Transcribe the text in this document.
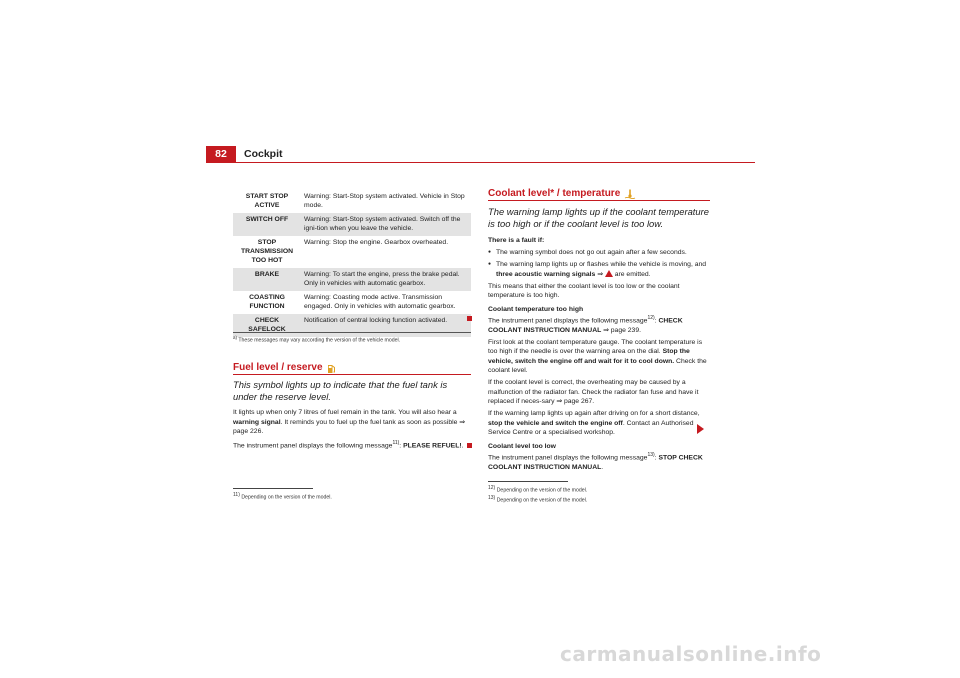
82	Cockpit
START STOP ACTIVE	Warning: Start-Stop system activated. Vehicle in Stop mode.
SWITCH OFF	Warning: Start-Stop system activated. Switch off the igni-tion when you leave the vehicle.
STOP TRANSMISSION TOO HOT	Warning: Stop the engine. Gearbox overheated.
BRAKE	Warning: To start the engine, press the brake pedal. Only in vehicles with automatic gearbox.
COASTING FUNCTION	Warning: Coasting mode active. Transmission engaged. Only in vehicles with automatic gearbox.
CHECK SAFELOCK	Notification of central locking function activated.
$^{a)}$ These messages may vary according the version of the vehicle model.
Fuel level / reserve
This symbol lights up to indicate that the fuel tank is under the reserve level.

It lights up when only 7 litres of fuel remain in the tank. You will also hear a warning signal. It reminds you to fuel up the fuel tank as soon as possible ⇒ page 226.

The instrument panel displays the following message$^{11)}$: PLEASE REFUEL!.

$^{11)}$ Depending on the version of the model.
Coolant level* / temperature
The warning lamp lights up if the coolant temperature is too high or if the coolant level is too low.

There is a fault if:

● The warning symbol does not go out again after a few seconds.

● The warning lamp lights up or flashes while the vehicle is moving, and three acoustic warning signals ⇒  are emitted.

This means that either the coolant level is too low or the coolant temperature is too high.

Coolant temperature too high
The instrument panel displays the following message$^{12)}$: CHECK COOLANT INSTRUCTION MANUAL ⇒ page 239.

First look at the coolant temperature gauge. The coolant temperature is too high if the needle is over the warning area on the dial. Stop the vehicle, switch the engine off and wait for it to cool down. Check the coolant level.

If the coolant level is correct, the overheating may be caused by a malfunction of the radiator fan. Check the radiator fan fuse and have it replaced if neces-sary ⇒ page 267.

If the warning lamp lights up again after driving on for a short distance, stop the vehicle and switch the engine off. Contact an Authorised Service Centre or a specialised workshop.

Coolant level too low
The instrument panel displays the following message$^{13)}$: STOP CHECK COOLANT INSTRUCTION MANUAL.

$^{12)}$ Depending on the version of the model.
$^{13)}$ Depending on the version of the model.
carmanualsonline.info
